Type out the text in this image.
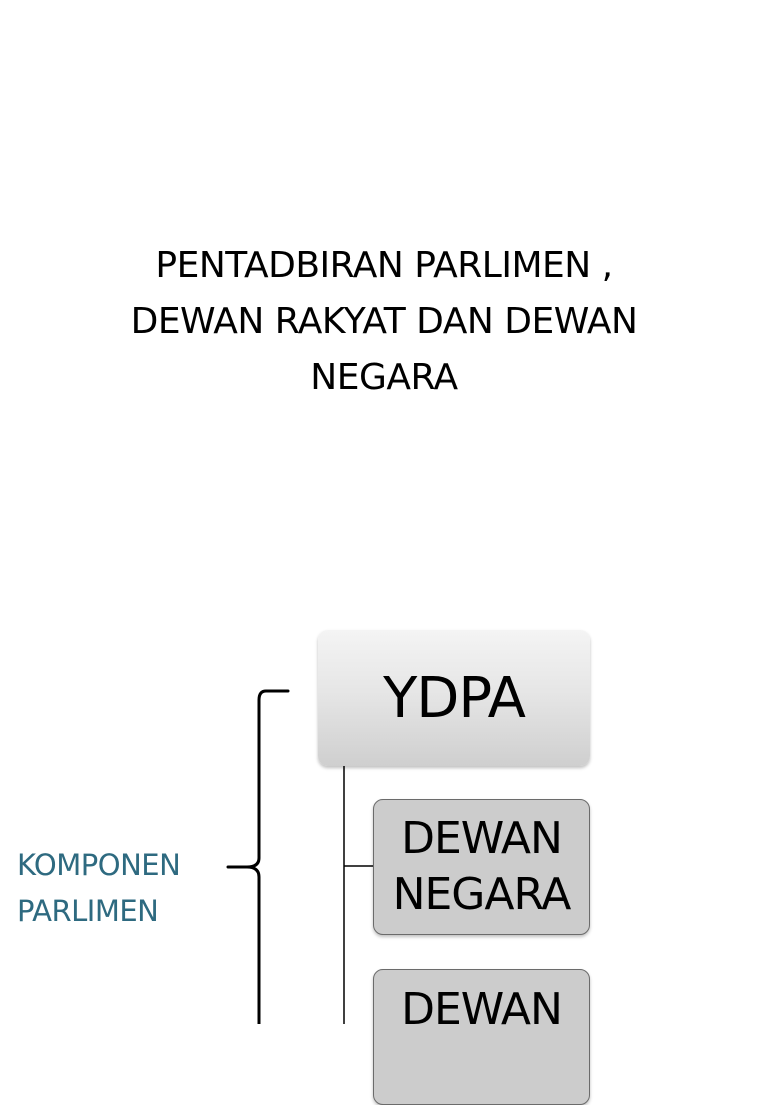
PENTADBIRAN PARLIMEN ,
DEWAN RAKYAT DAN DEWAN
NEGARA
YDPA
DEWAN
NEGARA
DEWAN
KOMPONEN
PARLIMEN
